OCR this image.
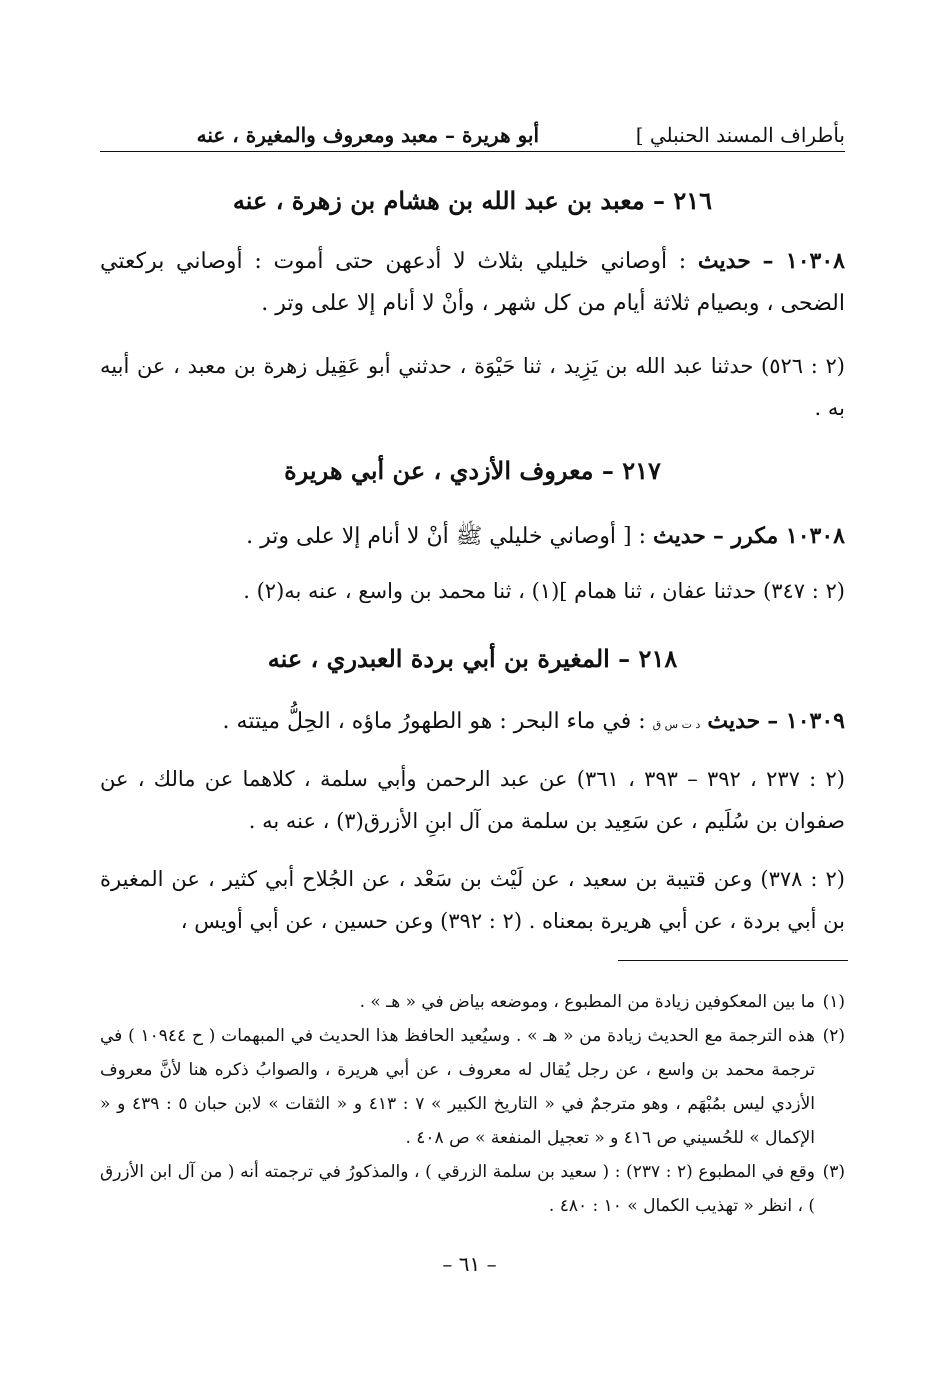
بأطراف المسند الحنبلي ]
أبو هريرة – معبد ومعروف والمغيرة ، عنه
٢١٦ – معبد بن عبد الله بن هشام بن زهرة ، عنه
١٠٣٠٨ – حديث : أوصاني خليلي بثلاث لا أدعهن حتى أموت : أوصاني بركعتي الضحى ، وبصيام ثلاثة أيام من كل شهر ، وأنْ لا أنام إلا على وتر .
(٢ : ٥٢٦) حدثنا عبد الله بن يَزِيد ، ثنا حَيْوَة ، حدثني أبو عَقِيل زهرة بن معبد ، عن أبيه به .
٢١٧ – معروف الأزدي ، عن أبي هريرة
١٠٣٠٨ مكرر – حديث : [ أوصاني خليلي ﷺ أنْ لا أنام إلا على وتر .
(٢ : ٣٤٧) حدثنا عفان ، ثنا همام ](١) ، ثنا محمد بن واسع ، عنه به(٢) .
٢١٨ – المغيرة بن أبي بردة العبدري ، عنه
١٠٣٠٩ – حديث د ت س ق : في ماء البحر : هو الطهورُ ماؤه ، الحِلُّ ميتته .
(٢ : ٢٣٧ ، ٣٩٢ – ٣٩٣ ، ٣٦١) عن عبد الرحمن وأبي سلمة ، كلاهما عن مالك ، عن صفوان بن سُلَيم ، عن سَعِيد بن سلمة من آل ابنِ الأزرق(٣) ، عنه به .
(٢ : ٣٧٨) وعن قتيبة بن سعيد ، عن لَيْث بن سَعْد ، عن الجُلاح أبي كثير ، عن المغيرة بن أبي بردة ، عن أبي هريرة بمعناه . (٢ : ٣٩٢) وعن حسين ، عن أبي أويس ،
(١)
ما بين المعكوفين زيادة من المطبوع ، وموضعه بياض في « هـ » .
(٢)
هذه الترجمة مع الحديث زيادة من « هـ » . وسيُعيد الحافظ هذا الحديث في المبهمات ( ح ١٠٩٤٤ ) في ترجمة محمد بن واسع ، عن رجل يُقال له معروف ، عن أبي هريرة ، والصوابُ ذكره هنا لأنَّ معروف الأزدي ليس بمُبْهَم ، وهو مترجمٌ في « التاريخ الكبير » ٧ : ٤١٣ و « الثقات » لابن حبان ٥ : ٤٣٩ و « الإكمال » للحُسيني ص ٤١٦ و « تعجيل المنفعة » ص ٤٠٨ .
(٣)
وقع في المطبوع (٢ : ٢٣٧) : ( سعيد بن سلمة الزرقي ) ، والمذكورُ في ترجمته أنه ( من آل ابن الأزرق ) ، انظر « تهذيب الكمال » ١٠ : ٤٨٠ .
– ٦١ –
